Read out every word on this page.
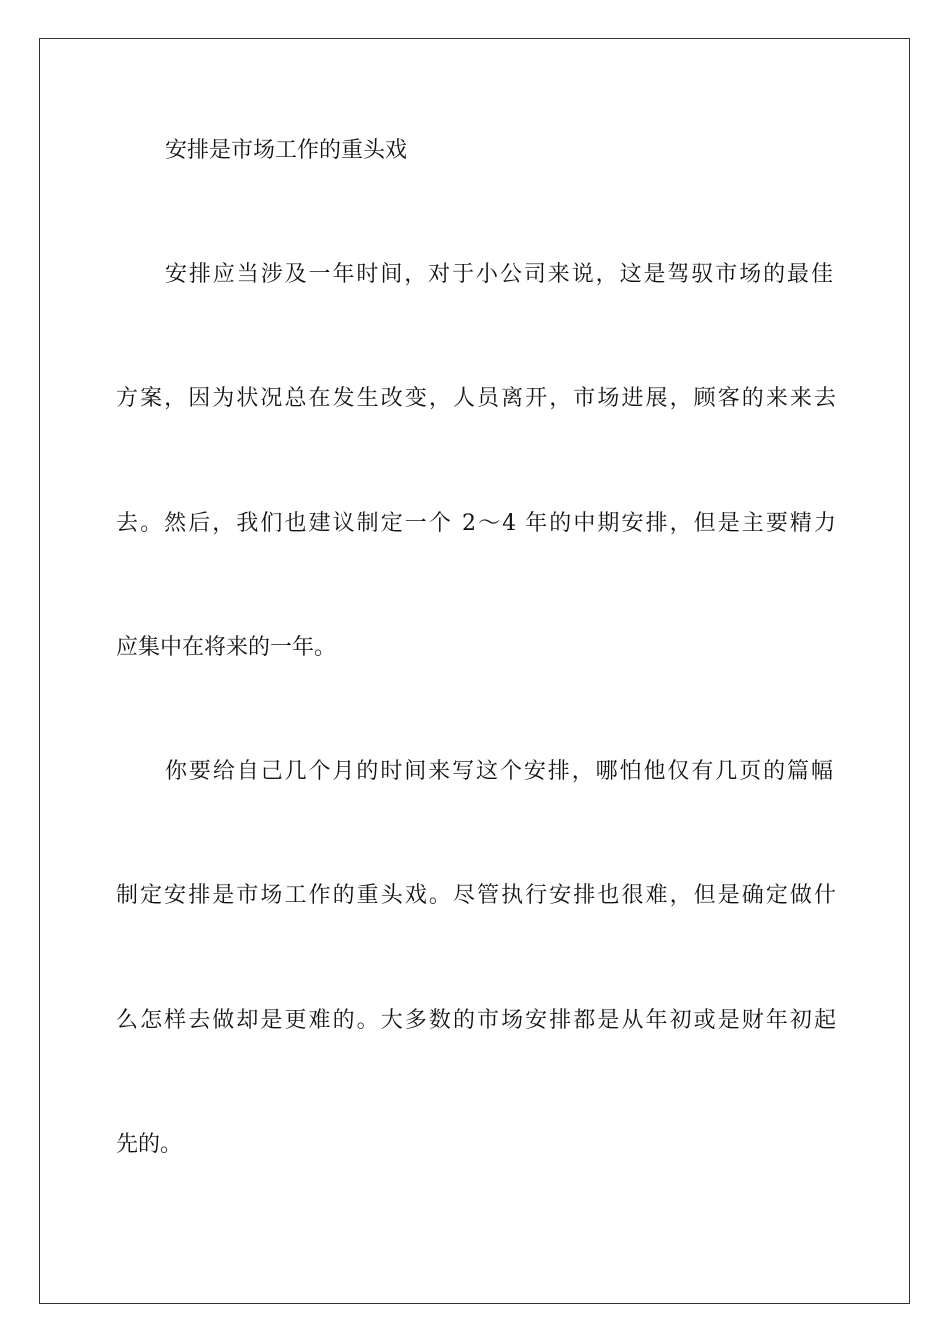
安排是市场工作的重头戏

安排应当涉及一年时间，对于小公司来说，这是驾驭市场的最佳

方案，因为状况总在发生改变，人员离开，市场进展，顾客的来来去

去。然后，我们也建议制定一个 2～4 年的中期安排，但是主要精力

应集中在将来的一年。

你要给自己几个月的时间来写这个安排，哪怕他仅有几页的篇幅

制定安排是市场工作的重头戏。尽管执行安排也很难，但是确定做什

么怎样去做却是更难的。大多数的市场安排都是从年初或是财年初起

先的。
